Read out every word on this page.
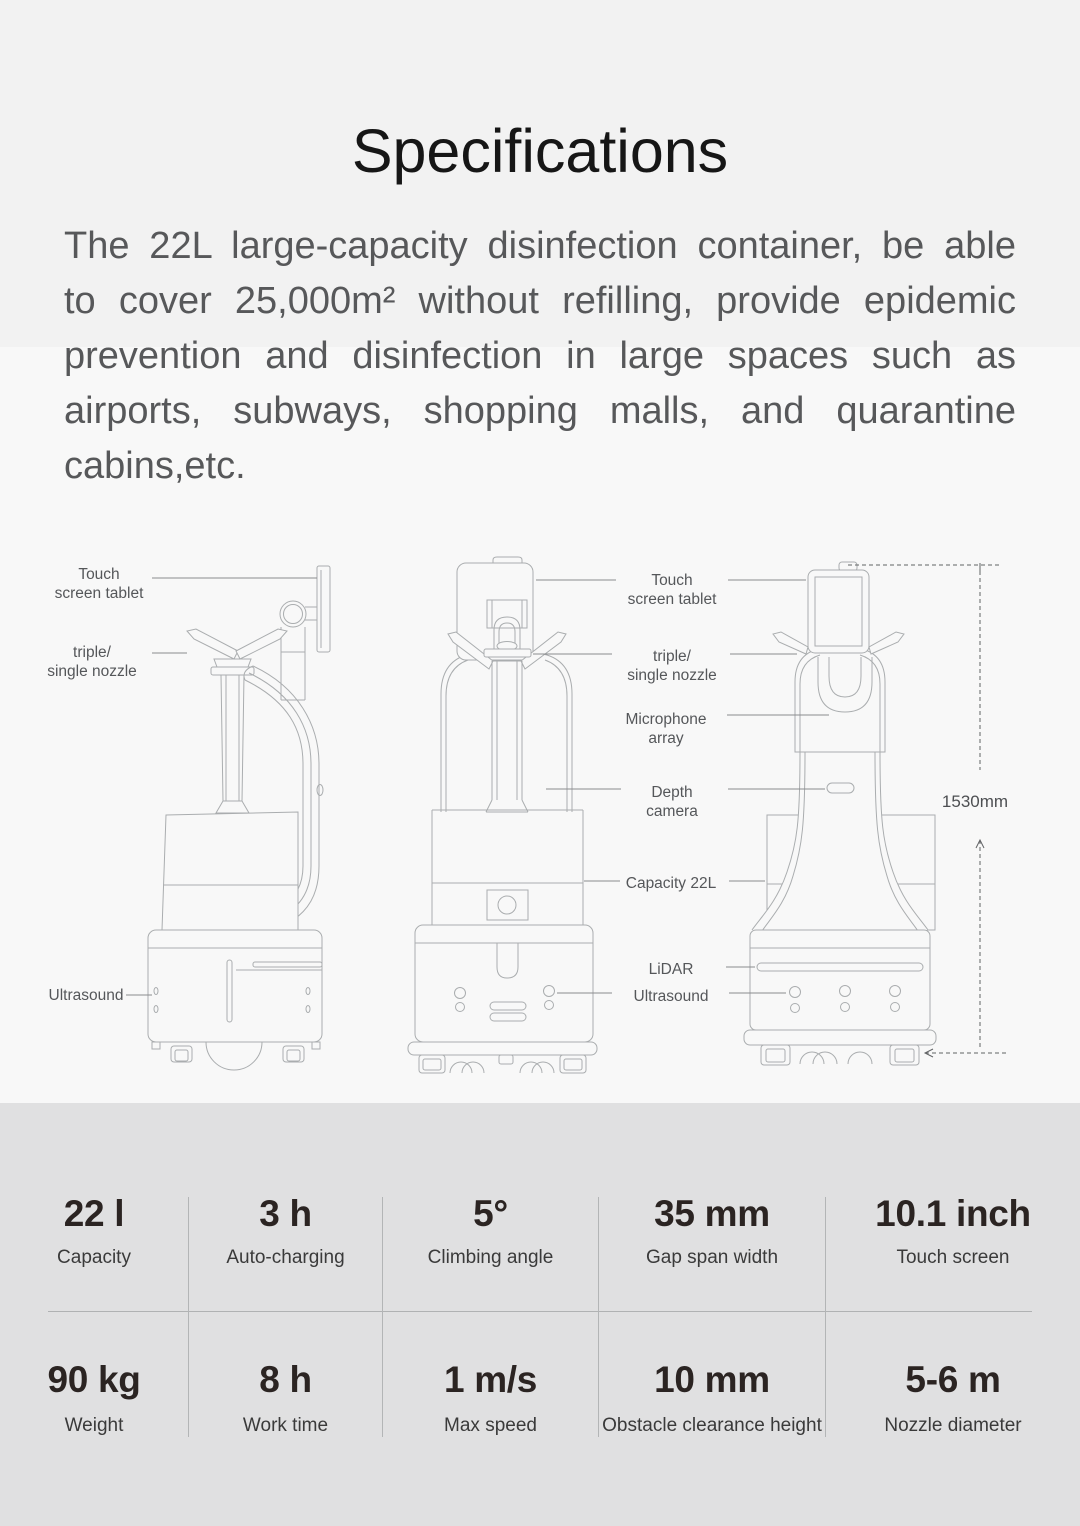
Specifications
The 22L large-capacity disinfection container, be able
to cover 25,000m² without refilling, provide epidemic
prevention and disinfection in large spaces such as
airports, subways, shopping malls, and quarantine
cabins,etc.
1530mm
Touch
screen tablet
triple/
single nozzle
Ultrasound
Touch
screen tablet
triple/
single nozzle
Microphone
array
Depth
camera
Capacity 22L
LiDAR
Ultrasound
22 l
Capacity
3 h
Auto-charging
5°
Climbing angle
35 mm
Gap span width
10.1 inch
Touch screen
90 kg
Weight
8 h
Work time
1 m/s
Max speed
10 mm
Obstacle clearance height
5-6 m
Nozzle diameter
